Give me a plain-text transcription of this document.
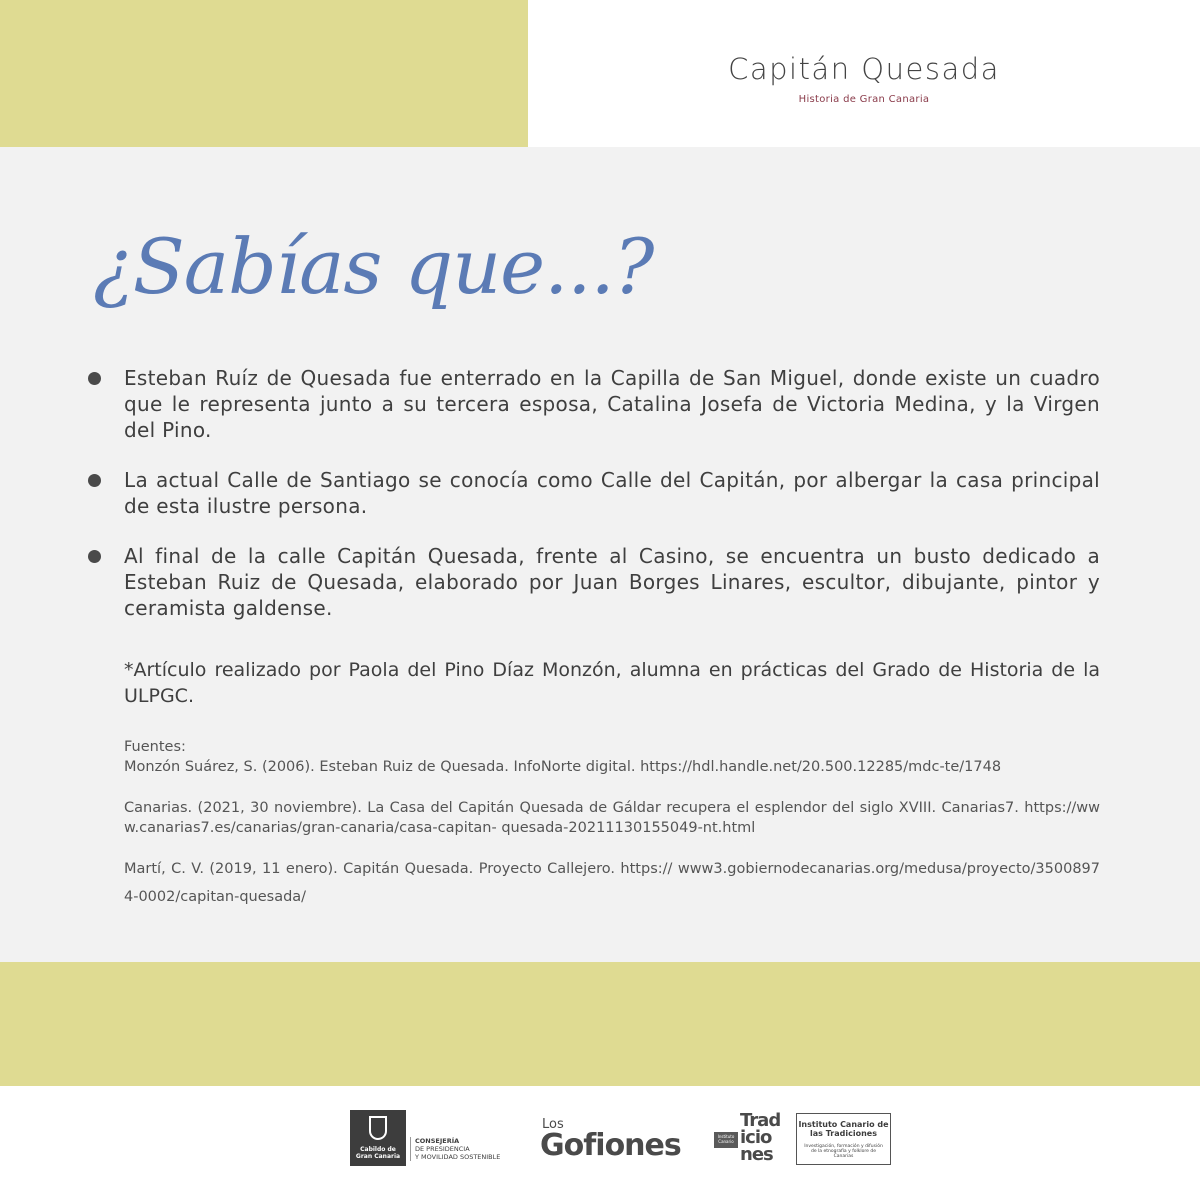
Capitán Quesada
Historia de Gran Canaria
¿Sabías que...?
Esteban Ruíz de Quesada fue enterrado en la Capilla de San Miguel, donde existe un cuadro que le representa junto a su tercera esposa, Catalina Josefa de Victoria Medina, y la Virgen del Pino.
La actual Calle de Santiago se conocía como Calle del Capitán, por albergar la casa principal de esta ilustre persona.
Al final de la calle Capitán Quesada, frente al Casino, se encuentra un busto dedicado a Esteban Ruiz de Quesada, elaborado por Juan Borges Linares, escultor, dibujante, pintor y ceramista galdense.
*Artículo realizado por Paola del Pino Díaz Monzón, alumna en prácticas del Grado de Historia de la ULPGC.
Fuentes:
Monzón Suárez, S. (2006). Esteban Ruiz de Quesada. InfoNorte digital. https://hdl.handle.net/20.500.12285/mdc-te/1748
Canarias. (2021, 30 noviembre). La Casa del Capitán Quesada de Gáldar recupera el esplendor del siglo XVIII. Canarias7. https://www.canarias7.es/canarias/gran-canaria/casa-capitan- quesada-20211130155049-nt.html
Martí, C. V. (2019, 11 enero). Capitán Quesada. Proyecto Callejero. https:// www3.gobiernodecanarias.org/medusa/proyecto/35008974-0002/capitan-quesada/
Cabildo de Gran Canaria
CONSEJERÍA
DE PRESIDENCIA
Y MOVILIDAD SOSTENIBLE
Los
Gofiones	Instituto Canario
Trad
icio
nes
Instituto Canario de las Tradiciones
Investigación, formación y difusión de la etnografía y folklore de Canarias
